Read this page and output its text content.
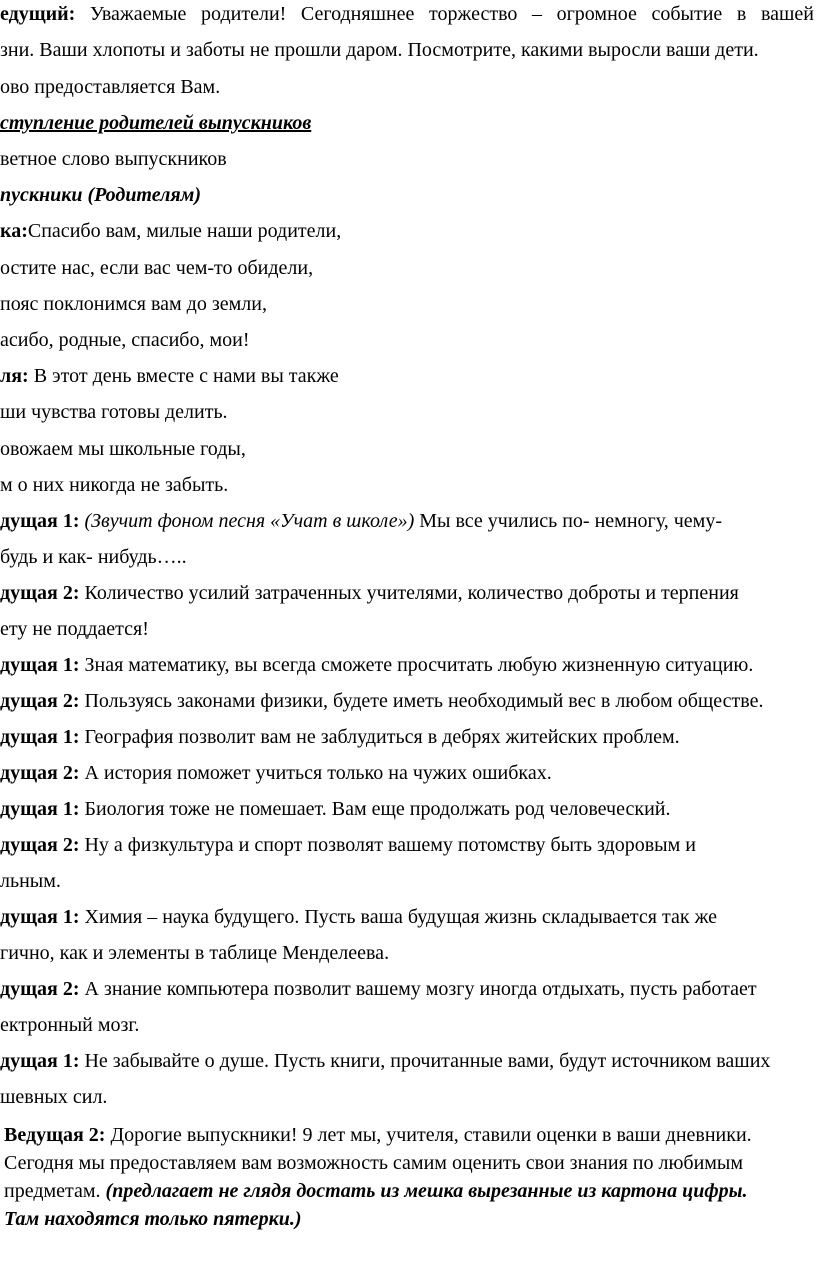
едущий: Уважаемые родители! Сегодняшнее торжество – огромное событие в вашей
зни. Ваши хлопоты и заботы не прошли даром. Посмотрите, какими выросли ваши дети.
ово предоставляется Вам.
ступление родителей выпускников
ветное слово выпускников
пускники (Родителям)
ка:Спасибо вам, милые наши родители,
остите нас, если вас чем-то обидели,
пояс поклонимся вам до земли,
асибо, родные, спасибо, мои!
ля: В этот день вместе с нами вы также
ши чувства готовы делить.
овожаем мы школьные годы,
м о них никогда не забыть.
дущая 1: (Звучит фоном песня «Учат в школе») Мы все учились по- немногу, чему-
будь и как- нибудь…..
дущая 2: Количество усилий затраченных учителями, количество доброты и терпения
ету не поддается!
дущая 1: Зная математику, вы всегда сможете просчитать любую жизненную ситуацию.
дущая 2: Пользуясь законами физики, будете иметь необходимый вес в любом обществе.
дущая 1: География позволит вам не заблудиться в дебрях житейских проблем.
дущая 2: А история поможет учиться только на чужих ошибках.
дущая 1: Биология тоже не помешает. Вам еще продолжать род человеческий.
дущая 2: Ну а физкультура и спорт позволят вашему потомству быть здоровым и
льным.
дущая 1: Химия – наука будущего. Пусть ваша будущая жизнь складывается так же
гично, как и элементы в таблице Менделеева.
дущая 2: А знание компьютера позволит вашему мозгу иногда отдыхать, пусть работает
ектронный мозг.
дущая 1: Не забывайте о душе. Пусть книги, прочитанные вами, будут источником ваших
шевных сил.
Ведущая 2: Дорогие выпускники! 9 лет мы, учителя, ставили оценки в ваши дневники.
Сегодня мы предоставляем вам возможность самим оценить свои знания по любимым
предметам. (предлагает не глядя достать из мешка вырезанные из картона цифры.
Там находятся только пятерки.)
